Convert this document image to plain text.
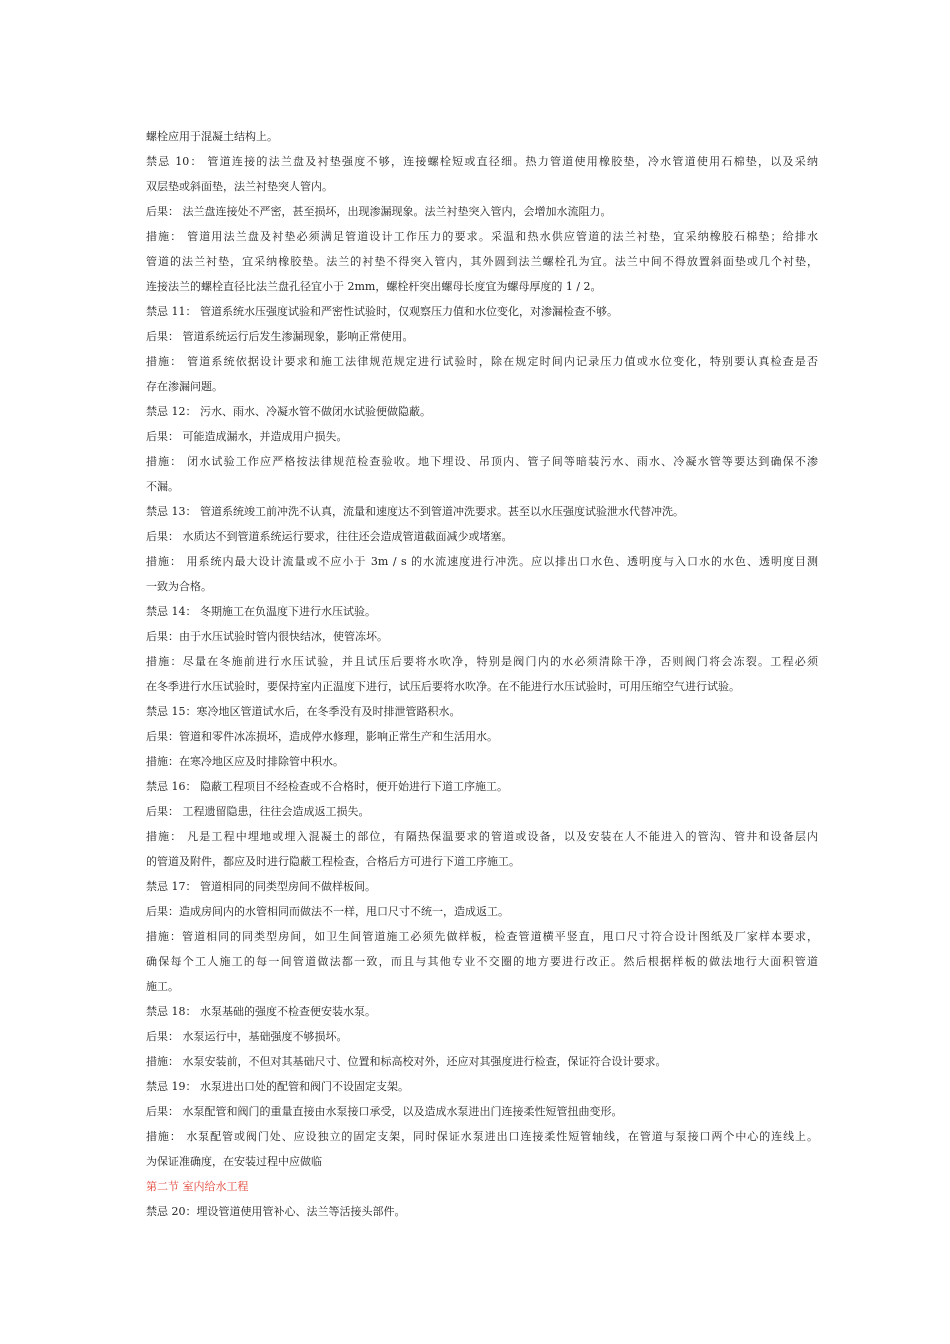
螺栓应用于混凝土结构上。
禁忌 10： 管道连接的法兰盘及衬垫强度不够，连接螺栓短或直径细。热力管道使用橡胶垫，冷水管道使用石棉垫，以及采纳
双层垫或斜面垫，法兰衬垫突人管内。
后果： 法兰盘连接处不严密，甚至损坏，出现渗漏现象。法兰衬垫突入管内，会增加水流阻力。
措施： 管道用法兰盘及衬垫必须满足管道设计工作压力的要求。采温和热水供应管道的法兰衬垫，宜采纳橡胶石棉垫；给排水
管道的法兰衬垫，宜采纳橡胶垫。法兰的衬垫不得突入管内，其外圆到法兰螺栓孔为宜。法兰中间不得放置斜面垫或几个衬垫，
连接法兰的螺栓直径比法兰盘孔径宜小于 2mm，螺栓杆突出螺母长度宜为螺母厚度的 1 / 2。
禁忌 11： 管道系统水压强度试验和严密性试验时，仅观察压力值和水位变化，对渗漏检查不够。
后果： 管道系统运行后发生渗漏现象，影响正常使用。
措施： 管道系统依据设计要求和施工法律规范规定进行试验时，除在规定时间内记录压力值或水位变化，特别要认真检查是否
存在渗漏问题。
禁忌 12： 污水、雨水、冷凝水管不做闭水试验便做隐蔽。
后果： 可能造成漏水，并造成用户损失。
措施： 闭水试验工作应严格按法律规范检查验收。地下埋设、吊顶内、管子间等暗装污水、雨水、冷凝水管等要达到确保不渗
不漏。
禁忌 13： 管道系统竣工前冲洗不认真，流量和速度达不到管道冲洗要求。甚至以水压强度试验泄水代替冲洗。
后果： 水质达不到管道系统运行要求，往往还会造成管道截面减少或堵塞。
措施： 用系统内最大设计流量或不应小于 3m / s 的水流速度进行冲洗。应以排出口水色、透明度与入口水的水色、透明度目测
一致为合格。
禁忌 14： 冬期施工在负温度下进行水压试验。
后果：由于水压试验时管内很快结冰，使管冻坏。
措施：尽量在冬施前进行水压试验，并且试压后要将水吹净，特别是阀门内的水必须清除干净，否则阀门将会冻裂。工程必须
在冬季进行水压试验时，要保持室内正温度下进行，试压后要将水吹净。在不能进行水压试验时，可用压缩空气进行试验。
禁忌 15：寒冷地区管道试水后，在冬季没有及时排泄管路积水。
后果：管道和零件冰冻损坏，造成停水修理，影响正常生产和生活用水。
措施：在寒冷地区应及时排除管中积水。
禁忌 16： 隐蔽工程项目不经检查或不合格时，便开始进行下道工序施工。
后果： 工程遗留隐患，往往会造成返工损失。
措施： 凡是工程中埋地或埋入混凝土的部位，有隔热保温要求的管道或设备，以及安装在人不能进入的管沟、管井和设备层内
的管道及附件，都应及时进行隐蔽工程检查，合格后方可进行下道工序施工。
禁忌 17： 管道相同的同类型房间不做样板间。
后果：造成房间内的水管相同而做法不一样，甩口尺寸不统一，造成返工。
措施：管道相同的同类型房间，如卫生间管道施工必须先做样板，检查管道横平竖直，甩口尺寸符合设计图纸及厂家样本要求，
确保每个工人施工的每一间管道做法都一致，而且与其他专业不交圈的地方要进行改正。然后根据样板的做法地行大面积管道
施工。
禁忌 18： 水泵基础的强度不检查便安装水泵。
后果： 水泵运行中，基础强度不够损坏。
措施： 水泵安装前，不但对其基础尺寸、位置和标高校对外，还应对其强度进行检查，保证符合设计要求。
禁忌 19： 水泵进出口处的配管和阀门不设固定支架。
后果： 水泵配管和阀门的重量直接由水泵接口承受，以及造成水泵进出门连接柔性短管扭曲变形。
措施： 水泵配管或阀门处、应设独立的固定支架，同时保证水泵进出口连接柔性短管轴线，在管道与泵接口两个中心的连线上。
为保证准确度，在安装过程中应做临
第二节 室内给水工程
禁忌 20：埋设管道使用管补心、法兰等活接头部件。
